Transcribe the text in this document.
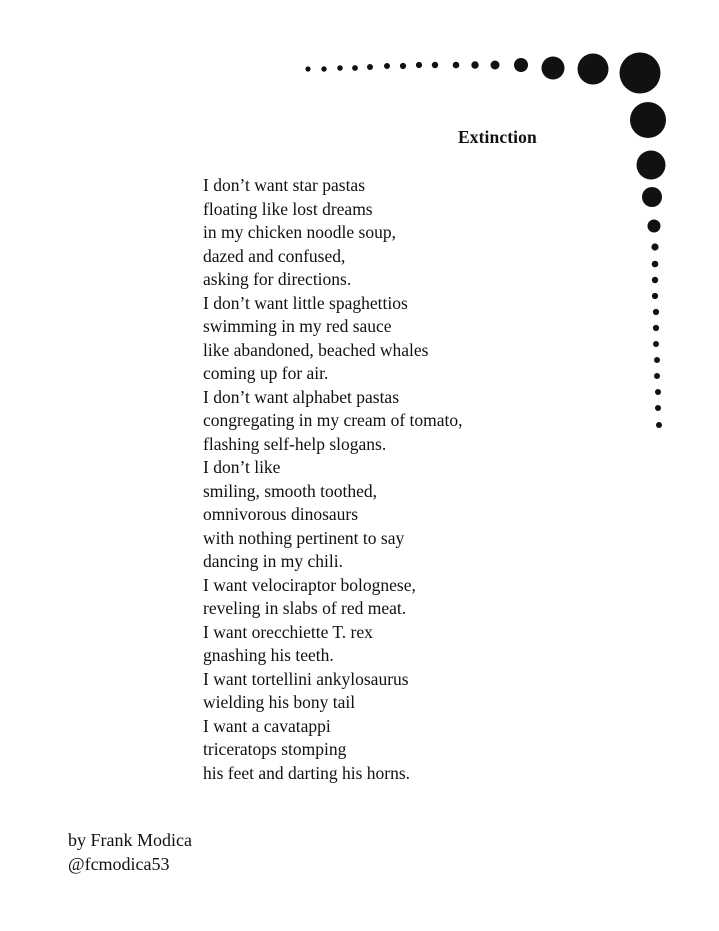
Extinction
I don’t want star pastas
floating like lost dreams
in my chicken noodle soup,
dazed and confused,
asking for directions.
I don’t want little spaghettios
swimming in my red sauce
like abandoned, beached whales
coming up for air.
I don’t want alphabet pastas
congregating in my cream of tomato,
flashing self-help slogans.
I don’t like
smiling, smooth toothed,
omnivorous dinosaurs
with nothing pertinent to say
dancing in my chili.
I want velociraptor bolognese,
reveling in slabs of red meat.
I want orecchiette T. rex
gnashing his teeth.
I want tortellini ankylosaurus
wielding his bony tail
I want a cavatappi
triceratops stomping
his feet and darting his horns.
by Frank Modica
@fcmodica53
